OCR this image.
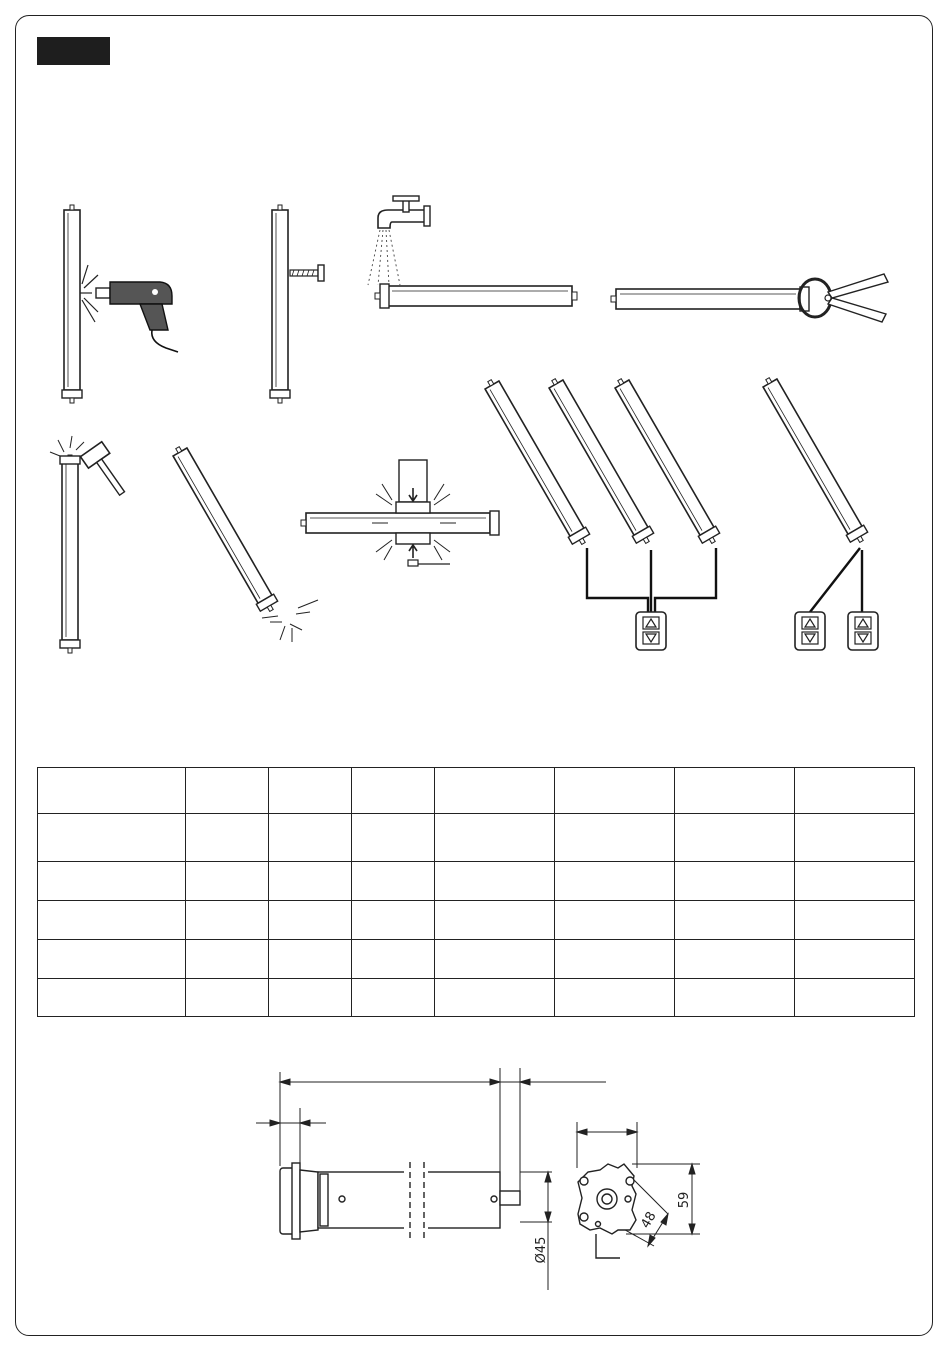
59
48
Ø45
